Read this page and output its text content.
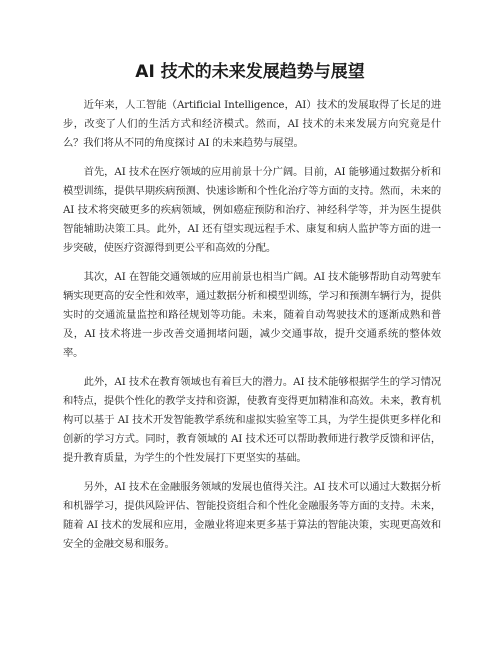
AI 技术的未来发展趋势与展望

近年来，人工智能（Artificial Intelligence，AI）技术的发展取得了长足的进步，改变了人们的生活方式和经济模式。然而，AI 技术的未来发展方向究竟是什么？我们将从不同的角度探讨 AI 的未来趋势与展望。

首先，AI 技术在医疗领域的应用前景十分广阔。目前，AI 能够通过数据分析和模型训练，提供早期疾病预测、快速诊断和个性化治疗等方面的支持。然而，未来的 AI 技术将突破更多的疾病领域，例如癌症预防和治疗、神经科学等，并为医生提供智能辅助决策工具。此外，AI 还有望实现远程手术、康复和病人监护等方面的进一步突破，使医疗资源得到更公平和高效的分配。

其次，AI 在智能交通领域的应用前景也相当广阔。AI 技术能够帮助自动驾驶车辆实现更高的安全性和效率，通过数据分析和模型训练，学习和预测车辆行为，提供实时的交通流量监控和路径规划等功能。未来，随着自动驾驶技术的逐渐成熟和普及，AI 技术将进一步改善交通拥堵问题，减少交通事故，提升交通系统的整体效率。

此外，AI 技术在教育领域也有着巨大的潜力。AI 技术能够根据学生的学习情况和特点，提供个性化的教学支持和资源，使教育变得更加精准和高效。未来，教育机构可以基于 AI 技术开发智能教学系统和虚拟实验室等工具，为学生提供更多样化和创新的学习方式。同时，教育领域的 AI 技术还可以帮助教师进行教学反馈和评估，提升教育质量，为学生的个性发展打下更坚实的基础。

另外，AI 技术在金融服务领域的发展也值得关注。AI 技术可以通过大数据分析和机器学习，提供风险评估、智能投资组合和个性化金融服务等方面的支持。未来，随着 AI 技术的发展和应用，金融业将迎来更多基于算法的智能决策，实现更高效和安全的金融交易和服务。
